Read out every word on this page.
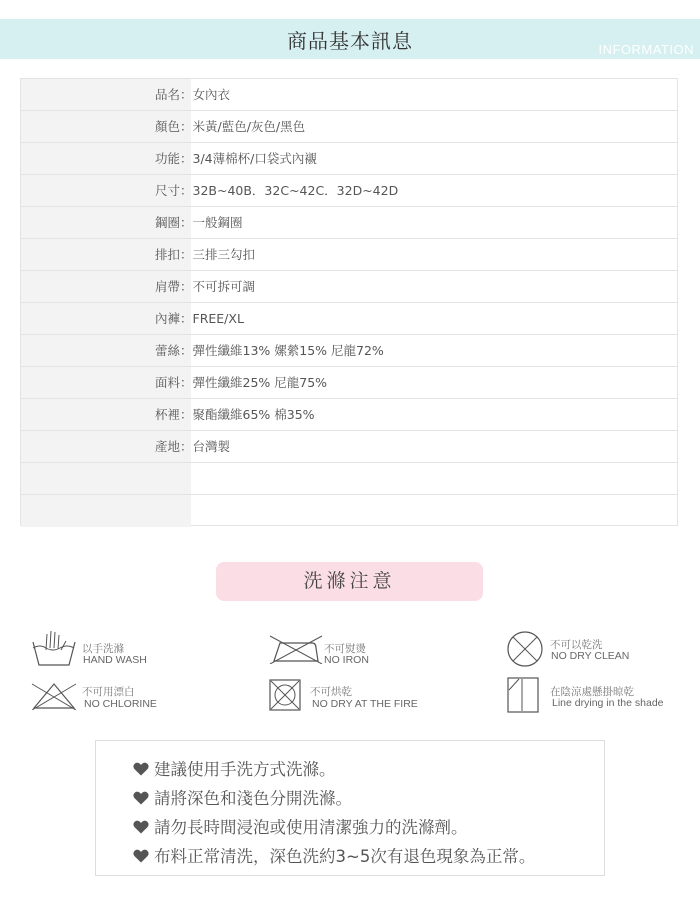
商品基本訊息	INFORMATION
品名：女內衣
顏色：米黃/藍色/灰色/黑色
功能：3/4薄棉杯/口袋式內襯
尺寸：32B~40B．32C~42C．32D~42D
鋼圈：一般鋼圈
排扣：三排三勾扣
肩帶：不可拆可調
內褲：FREE/XL
蕾絲：彈性纖維13% 嫘縈15% 尼龍72%
面料：彈性纖維25% 尼龍75%
杯裡：聚酯纖維65% 棉35%
產地：台灣製
洗滌注意
以手洗滌
HAND WASH
不可熨燙
NO IRON
不可以乾洗
NO DRY CLEAN
不可用漂白
NO CHLORINE
不可烘乾
NO DRY AT THE FIRE
在陰涼處懸掛晾乾
Line drying in the shade
建議使用手洗方式洗滌。
請將深色和淺色分開洗滌。
請勿長時間浸泡或使用清潔強力的洗滌劑。
布料正常清洗，深色洗約3~5次有退色現象為正常。
